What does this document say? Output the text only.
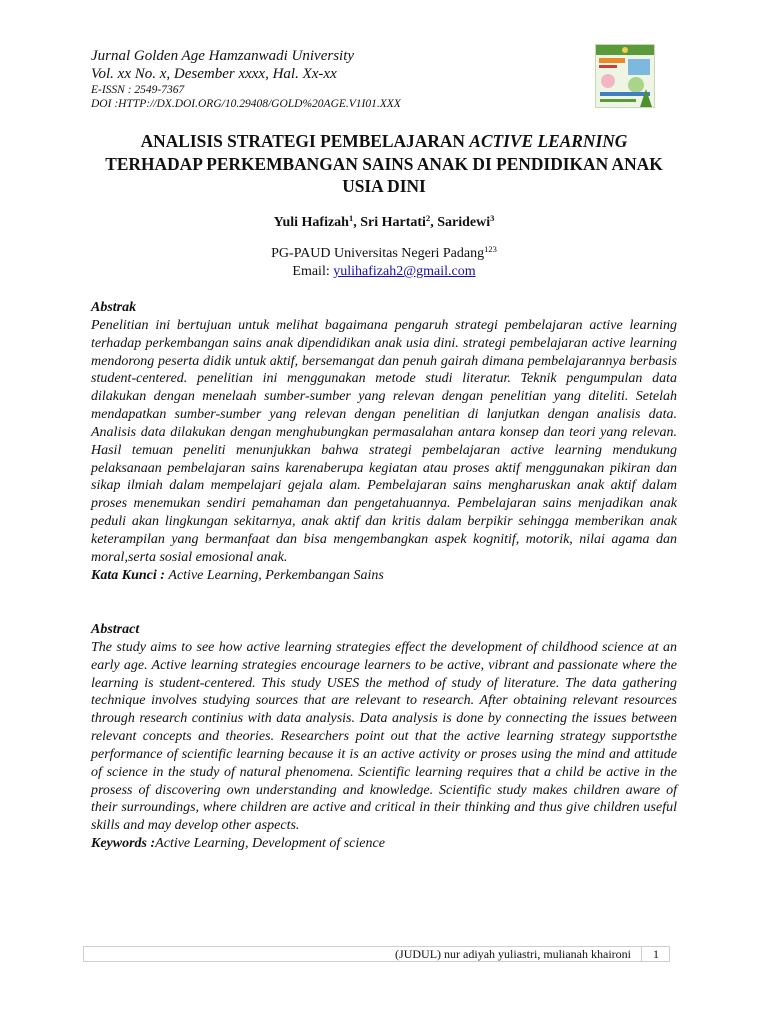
Jurnal Golden Age Hamzanwadi University
Vol. xx No. x, Desember xxxx, Hal. Xx-xx
E-ISSN : 2549-7367
DOI :HTTP://DX.DOI.ORG/10.29408/GOLD%20AGE.V1I01.XXX
ANALISIS STRATEGI PEMBELAJARAN ACTIVE LEARNING
TERHADAP PERKEMBANGAN SAINS ANAK DI PENDIDIKAN ANAK
USIA DINI
Yuli Hafizah$^1$, Sri Hartati$^2$, Saridewi$^3$
PG-PAUD Universitas Negeri Padang$^{123}$
Email: yulihafizah2@gmail.com
Abstrak

Penelitian ini bertujuan untuk melihat bagaimana pengaruh strategi pembelajaran active learning terhadap perkembangan sains anak dipendidikan anak usia dini. strategi pembelajaran active learning mendorong peserta didik untuk aktif, bersemangat dan penuh gairah dimana pembelajarannya berbasis student-centered. penelitian ini menggunakan metode studi literatur. Teknik pengumpulan data dilakukan dengan menelaah sumber-sumber yang relevan dengan penelitian yang diteliti. Setelah mendapatkan sumber-sumber yang relevan dengan penelitian di lanjutkan dengan analisis data. Analisis data dilakukan dengan menghubungkan permasalahan antara konsep dan teori yang relevan. Hasil temuan peneliti menunjukkan bahwa strategi pembelajaran active learning mendukung pelaksanaan pembelajaran sains karenaberupa kegiatan atau proses aktif menggunakan pikiran dan sikap ilmiah dalam mempelajari gejala alam. Pembelajaran sains mengharuskan anak aktif dalam proses menemukan sendiri pemahaman dan pengetahuannya. Pembelajaran sains menjadikan anak peduli akan lingkungan sekitarnya, anak aktif dan kritis dalam berpikir sehingga memberikan anak keterampilan yang bermanfaat dan bisa mengembangkan aspek kognitif, motorik, nilai agama dan moral,serta sosial emosional anak.

Kata Kunci : Active Learning, Perkembangan Sains
Abstract

The study aims to see how active learning strategies effect the development of childhood science at an early age. Active learning strategies encourage learners to be active, vibrant and passionate where the learning is student-centered. This study USES the method of study of literature. The data gathering technique involves studying sources that are relevant to research. After obtaining relevant resources through research continius with data analysis. Data analysis is done by connecting the issues between relevant concepts and theories. Researchers point out that the active learning strategy supportsthe performance of scientific learning because it is an active activity or proses using the mind and attitude of science in the study of natural phenomena. Scientific learning requires that a child be active in the prosess of discovering own understanding and knowledge. Scientific study makes children aware of their surroundings, where children are active and critical in their thinking and thus give children useful skills and may develop other aspects.

Keywords :Active Learning, Development of science
(JUDUL) nur adiyah yuliastri, mulianah khaironi 1
